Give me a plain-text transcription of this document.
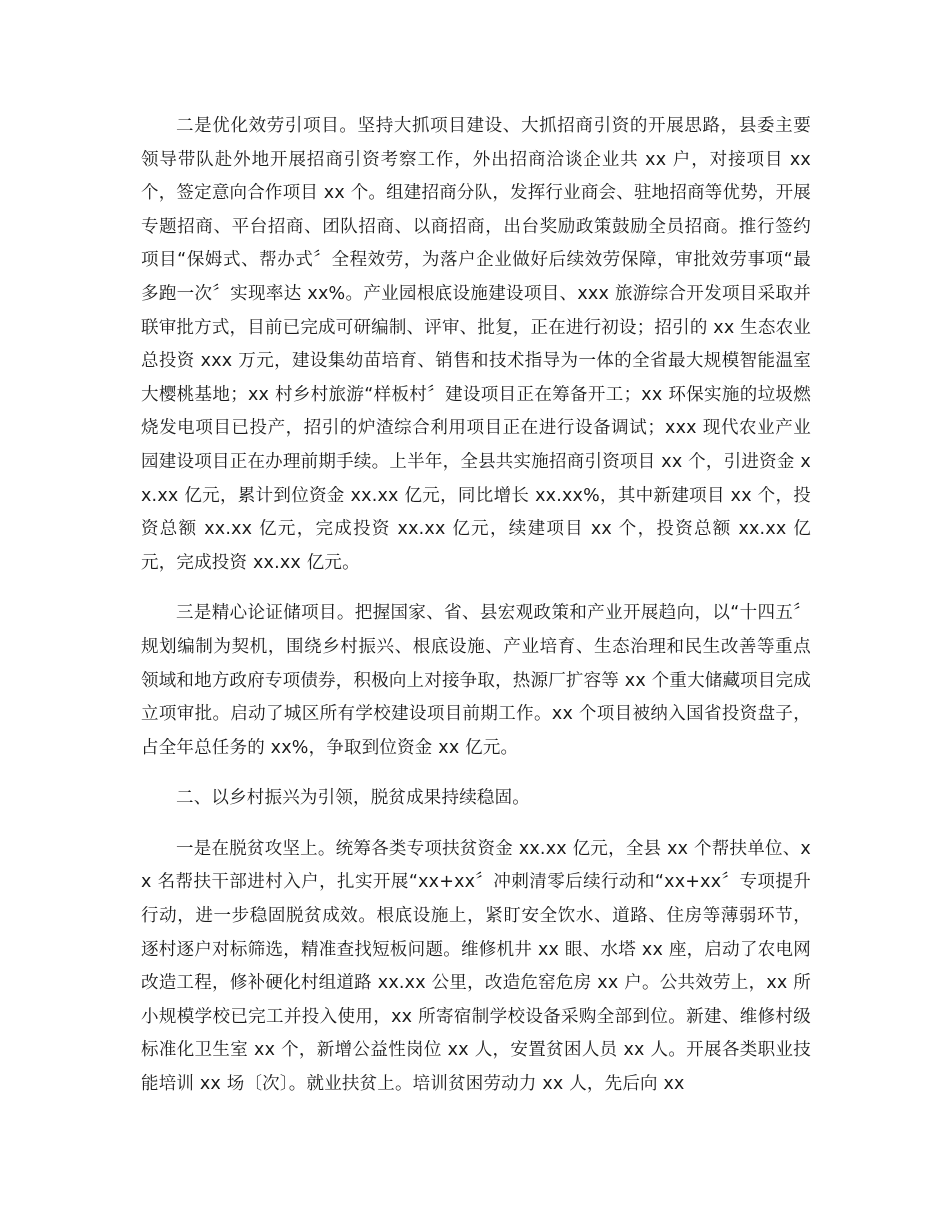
二是优化效劳引项目。坚持大抓项目建设、大抓招商引资的开展思路，县委主要领导带队赴外地开展招商引资考察工作，外出招商洽谈企业共 xx 户，对接项目 xx 个，签定意向合作项目 xx 个。组建招商分队，发挥行业商会、驻地招商等优势，开展专题招商、平台招商、团队招商、以商招商，出台奖励政策鼓励全员招商。推行签约项目“保姆式、帮办式〞全程效劳，为落户企业做好后续效劳保障，审批效劳事项“最多跑一次〞实现率达 xx%。产业园根底设施建设项目、xxx 旅游综合开发项目采取并联审批方式，目前已完成可研编制、评审、批复，正在进行初设；招引的 xx 生态农业总投资 xxx 万元，建设集幼苗培育、销售和技术指导为一体的全省最大规模智能温室大樱桃基地；xx 村乡村旅游“样板村〞建设项目正在筹备开工；xx 环保实施的垃圾燃烧发电项目已投产，招引的炉渣综合利用项目正在进行设备调试；xxx 现代农业产业园建设项目正在办理前期手续。上半年，全县共实施招商引资项目 xx 个，引进资金 xx.xx 亿元，累计到位资金 xx.xx 亿元，同比增长 xx.xx%，其中新建项目 xx 个，投资总额 xx.xx 亿元，完成投资 xx.xx 亿元，续建项目 xx 个，投资总额 xx.xx 亿元，完成投资 xx.xx 亿元。

三是精心论证储项目。把握国家、省、县宏观政策和产业开展趋向，以“十四五〞规划编制为契机，围绕乡村振兴、根底设施、产业培育、生态治理和民生改善等重点领域和地方政府专项债券，积极向上对接争取，热源厂扩容等 xx 个重大储藏项目完成立项审批。启动了城区所有学校建设项目前期工作。xx 个项目被纳入国省投资盘子，占全年总任务的 xx%，争取到位资金 xx 亿元。

二、以乡村振兴为引领，脱贫成果持续稳固。

一是在脱贫攻坚上。统筹各类专项扶贫资金 xx.xx 亿元，全县 xx 个帮扶单位、xx 名帮扶干部进村入户，扎实开展“xx+xx〞冲刺清零后续行动和“xx+xx〞专项提升行动，进一步稳固脱贫成效。根底设施上，紧盯安全饮水、道路、住房等薄弱环节，逐村逐户对标筛选，精准查找短板问题。维修机井 xx 眼、水塔 xx 座，启动了农电网改造工程，修补硬化村组道路 xx.xx 公里，改造危窑危房 xx 户。公共效劳上，xx 所小规模学校已完工并投入使用，xx 所寄宿制学校设备采购全部到位。新建、维修村级标准化卫生室 xx 个，新增公益性岗位 xx 人，安置贫困人员 xx 人。开展各类职业技能培训 xx 场〔次〕。就业扶贫上。培训贫困劳动力 xx 人，先后向 xx
